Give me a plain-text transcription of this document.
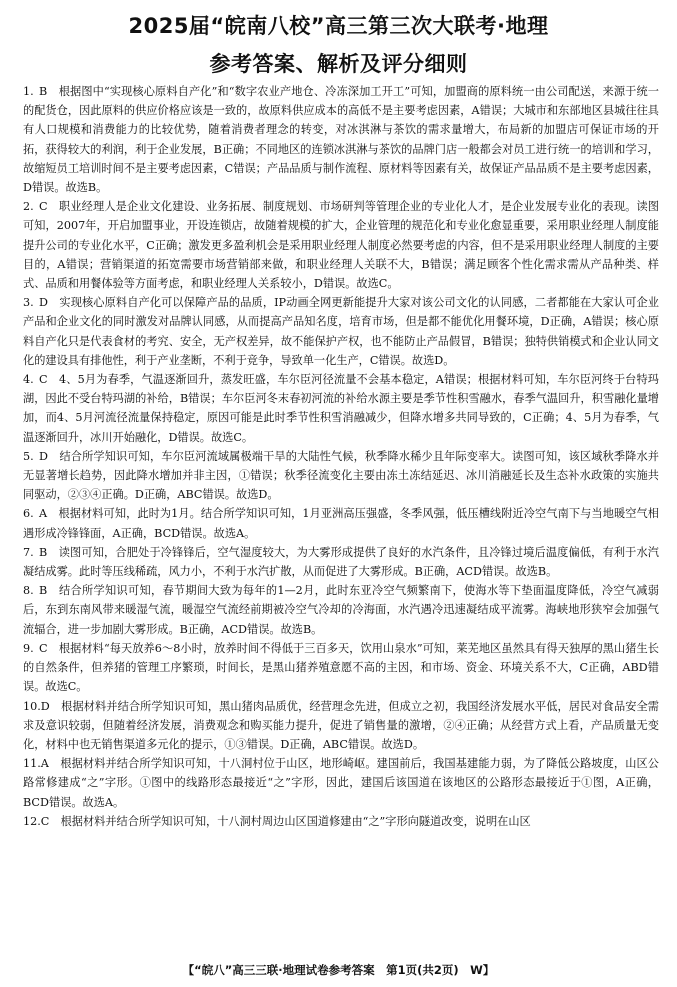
2025届“皖南八校”高三第三次大联考·地理
参考答案、解析及评分细则

1. B　 根据图中“实现核心原料自产化”和“数字农业产地仓、冷冻深加工开工”可知，加盟商的原料统一由公司配送，来源于统一的配货仓，因此原料的供应价格应该是一致的，故原料供应成本的高低不是主要考虑因素，A错误；大城市和东部地区县城往往具有人口规模和消费能力的比较优势，随着消费者理念的转变，对冰淇淋与茶饮的需求量增大，布局新的加盟店可保证市场的开拓，获得较大的利润，利于企业发展，B正确；不同地区的连锁冰淇淋与茶饮的品牌门店一般都会对员工进行统一的培训和学习，故缩短员工培训时间不是主要考虑因素，C错误；产品品质与制作流程、原材料等因素有关，故保证产品品质不是主要考虑因素，D错误。故选B。

2. C　 职业经理人是企业文化建设、业务拓展、制度规划、市场研判等管理企业的专业化人才，是企业发展专业化的表现。读图可知，2007年，开启加盟事业，开设连锁店，故随着规模的扩大，企业管理的规范化和专业化愈显重要，采用职业经理人制度能提升公司的专业化水平，C正确；激发更多盈利机会是采用职业经理人制度必然要考虑的内容，但不是采用职业经理人制度的主要目的，A错误；营销渠道的拓宽需要市场营销部来做，和职业经理人关联不大，B错误；满足顾客个性化需求需从产品种类、样式、品质和用餐体验等方面考虑，和职业经理人关系较小，D错误。故选C。

3. D　 实现核心原料自产化可以保障产品的品质，IP动画全网更新能提升大家对该公司文化的认同感，二者都能在大家认可企业产品和企业文化的同时激发对品牌认同感，从而提高产品知名度，培育市场，但是都不能优化用餐环境，D正确，A错误；核心原料自产化只是代表食材的考究、安全，无产权差异，故不能保护产权，也不能防止产品假冒，B错误；独特供销模式和企业认同文化的建设具有排他性，利于产业垄断，不利于竞争，导致单一化生产，C错误。故选D。

4. C　 4、5月为春季，气温逐渐回升，蒸发旺盛，车尔臣河径流量不会基本稳定，A错误；根据材料可知，车尔臣河终于台特玛湖，因此不受台特玛湖的补给，B错误；车尔臣河冬末春初河流的补给水源主要是季节性积雪融水，春季气温回升，积雪融化量增加，而4、5月河流径流量保持稳定，原因可能是此时季节性积雪消融减少，但降水增多共同导致的，C正确；4、5月为春季，气温逐渐回升，冰川开始融化，D错误。故选C。

5. D　 结合所学知识可知，车尔臣河流域属极端干旱的大陆性气候，秋季降水稀少且年际变率大。读图可知，该区域秋季降水并无显著增长趋势，因此降水增加并非主因，①错误；秋季径流变化主要由冻土冻结延迟、冰川消融延长及生态补水政策的实施共同驱动，②③④正确。D正确，ABC错误。故选D。

6. A　 根据材料可知，此时为1月。结合所学知识可知，1月亚洲高压强盛，冬季风强，低压槽线附近冷空气南下与当地暖空气相遇形成冷锋锋面，A正确，BCD错误。故选A。

7. B　 读图可知，合肥处于冷锋锋后，空气湿度较大，为大雾形成提供了良好的水汽条件，且冷锋过境后温度偏低，有利于水汽凝结成雾。此时等压线稀疏，风力小，不利于水汽扩散，从而促进了大雾形成。B正确，ACD错误。故选B。

8. B　 结合所学知识可知，春节期间大致为每年的1—2月，此时东亚冷空气频繁南下，使海水等下垫面温度降低，冷空气减弱后，东到东南风带来暖湿气流，暖湿空气流经前期被冷空气冷却的冷海面，水汽遇冷迅速凝结成平流雾。海峡地形狭窄会加强气流辐合，进一步加剧大雾形成。B正确，ACD错误。故选B。

9. C　 根据材料“每天放养6～8小时，放养时间不得低于三百多天，饮用山泉水”可知，莱芜地区虽然具有得天独厚的黑山猪生长的自然条件，但养猪的管理工序繁琐，时间长，是黑山猪养殖意愿不高的主因，和市场、资金、环境关系不大，C正确，ABD错误。故选C。

10.D　 根据材料并结合所学知识可知，黑山猪肉品质优，经营理念先进，但成立之初，我国经济发展水平低，居民对食品安全需求及意识较弱，但随着经济发展，消费观念和购买能力提升，促进了销售量的激增，②④正确；从经营方式上看，产品质量无变化，材料中也无销售渠道多元化的提示，①③错误。D正确，ABC错误。故选D。

11.A　 根据材料并结合所学知识可知，十八洞村位于山区，地形崎岖。建国前后，我国基建能力弱，为了降低公路坡度，山区公路常修建成“之”字形。①图中的线路形态最接近“之”字形，因此，建国后该国道在该地区的公路形态最接近于①图，A正确，BCD错误。故选A。

12.C　 根据材料并结合所学知识可知，十八洞村周边山区国道修建由“之”字形向隧道改变，说明在山区

【“皖八”高三三联·地理试卷参考答案　第1页(共2页)　W】
